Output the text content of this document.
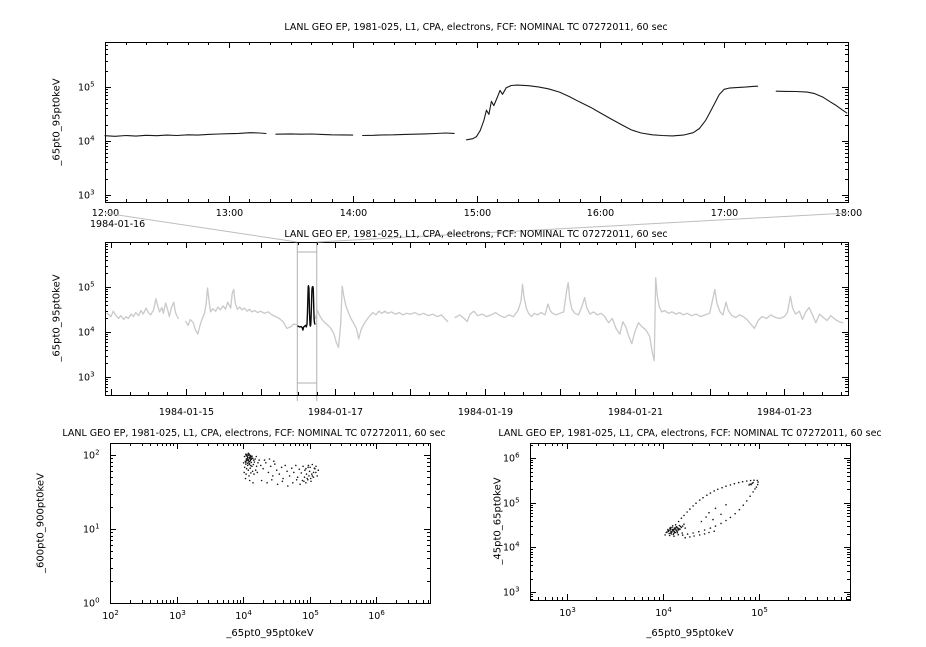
12:00	13:00	14:00	15:00	16:00	17:00	18:00
$10^3$
$10^4$
$10^5$
1984-01-15	1984-01-17	1984-01-19	1984-01-21	1984-01-23
$10^3$
$10^4$
$10^5$
$10^2$	$10^3$	$10^4$	$10^5$	$10^6$
$10^0$
$10^1$
$10^2$
$10^3$	$10^4$	$10^5$
$10^3$
$10^4$
$10^5$
$10^6$
LANL GEO EP, 1981-025, L1, CPA, electrons, FCF: NOMINAL TC 07272011, 60 sec
_65pt0_95pt0keV
1984-01-16
LANL GEO EP, 1981-025, L1, CPA, electrons, FCF: NOMINAL TC 07272011, 60 sec
_65pt0_95pt0keV
LANL GEO EP, 1981-025, L1, CPA, electrons, FCF: NOMINAL TC 07272011, 60 sec
_600pt0_900pt0keV
_65pt0_95pt0keV
LANL GEO EP, 1981-025, L1, CPA, electrons, FCF: NOMINAL TC 07272011, 60 sec
_45pt0_65pt0keV
_65pt0_95pt0keV
